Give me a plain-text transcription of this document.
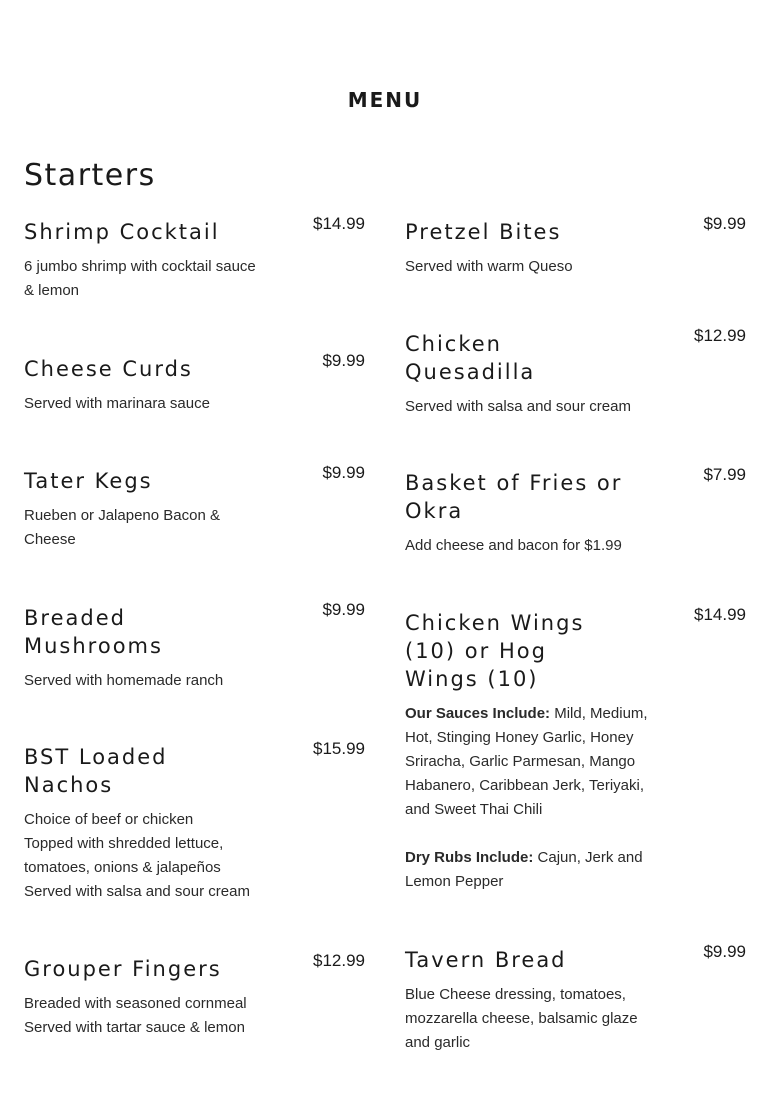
MENU
Starters
Shrimp Cocktail	$14.99
6 jumbo shrimp with cocktail sauce & lemon
Cheese Curds	$9.99
Served with marinara sauce
Tater Kegs	$9.99
Rueben or Jalapeno Bacon & Cheese
Breaded Mushrooms
$9.99
Served with homemade ranch
BST Loaded Nachos
$15.99
Choice of beef or chicken
Topped with shredded lettuce, tomatoes, onions & jalapeños
Served with salsa and sour cream
Grouper Fingers	$12.99
Breaded with seasoned cornmeal
Served with tartar sauce & lemon
Pretzel Bites	$9.99
Served with warm Queso
Chicken Quesadilla
$12.99
Served with salsa and sour cream
Basket of Fries or Okra
$7.99
Add cheese and bacon for $1.99
Chicken Wings (10) or Hog Wings (10)
$14.99
Our Sauces Include: Mild, Medium, Hot, Stinging Honey Garlic, Honey Sriracha, Garlic Parmesan, Mango Habanero, Caribbean Jerk, Teriyaki, and Sweet Thai Chili
Dry Rubs Include: Cajun, Jerk and Lemon Pepper
Tavern Bread	$9.99
Blue Cheese dressing, tomatoes, mozzarella cheese, balsamic glaze and garlic
